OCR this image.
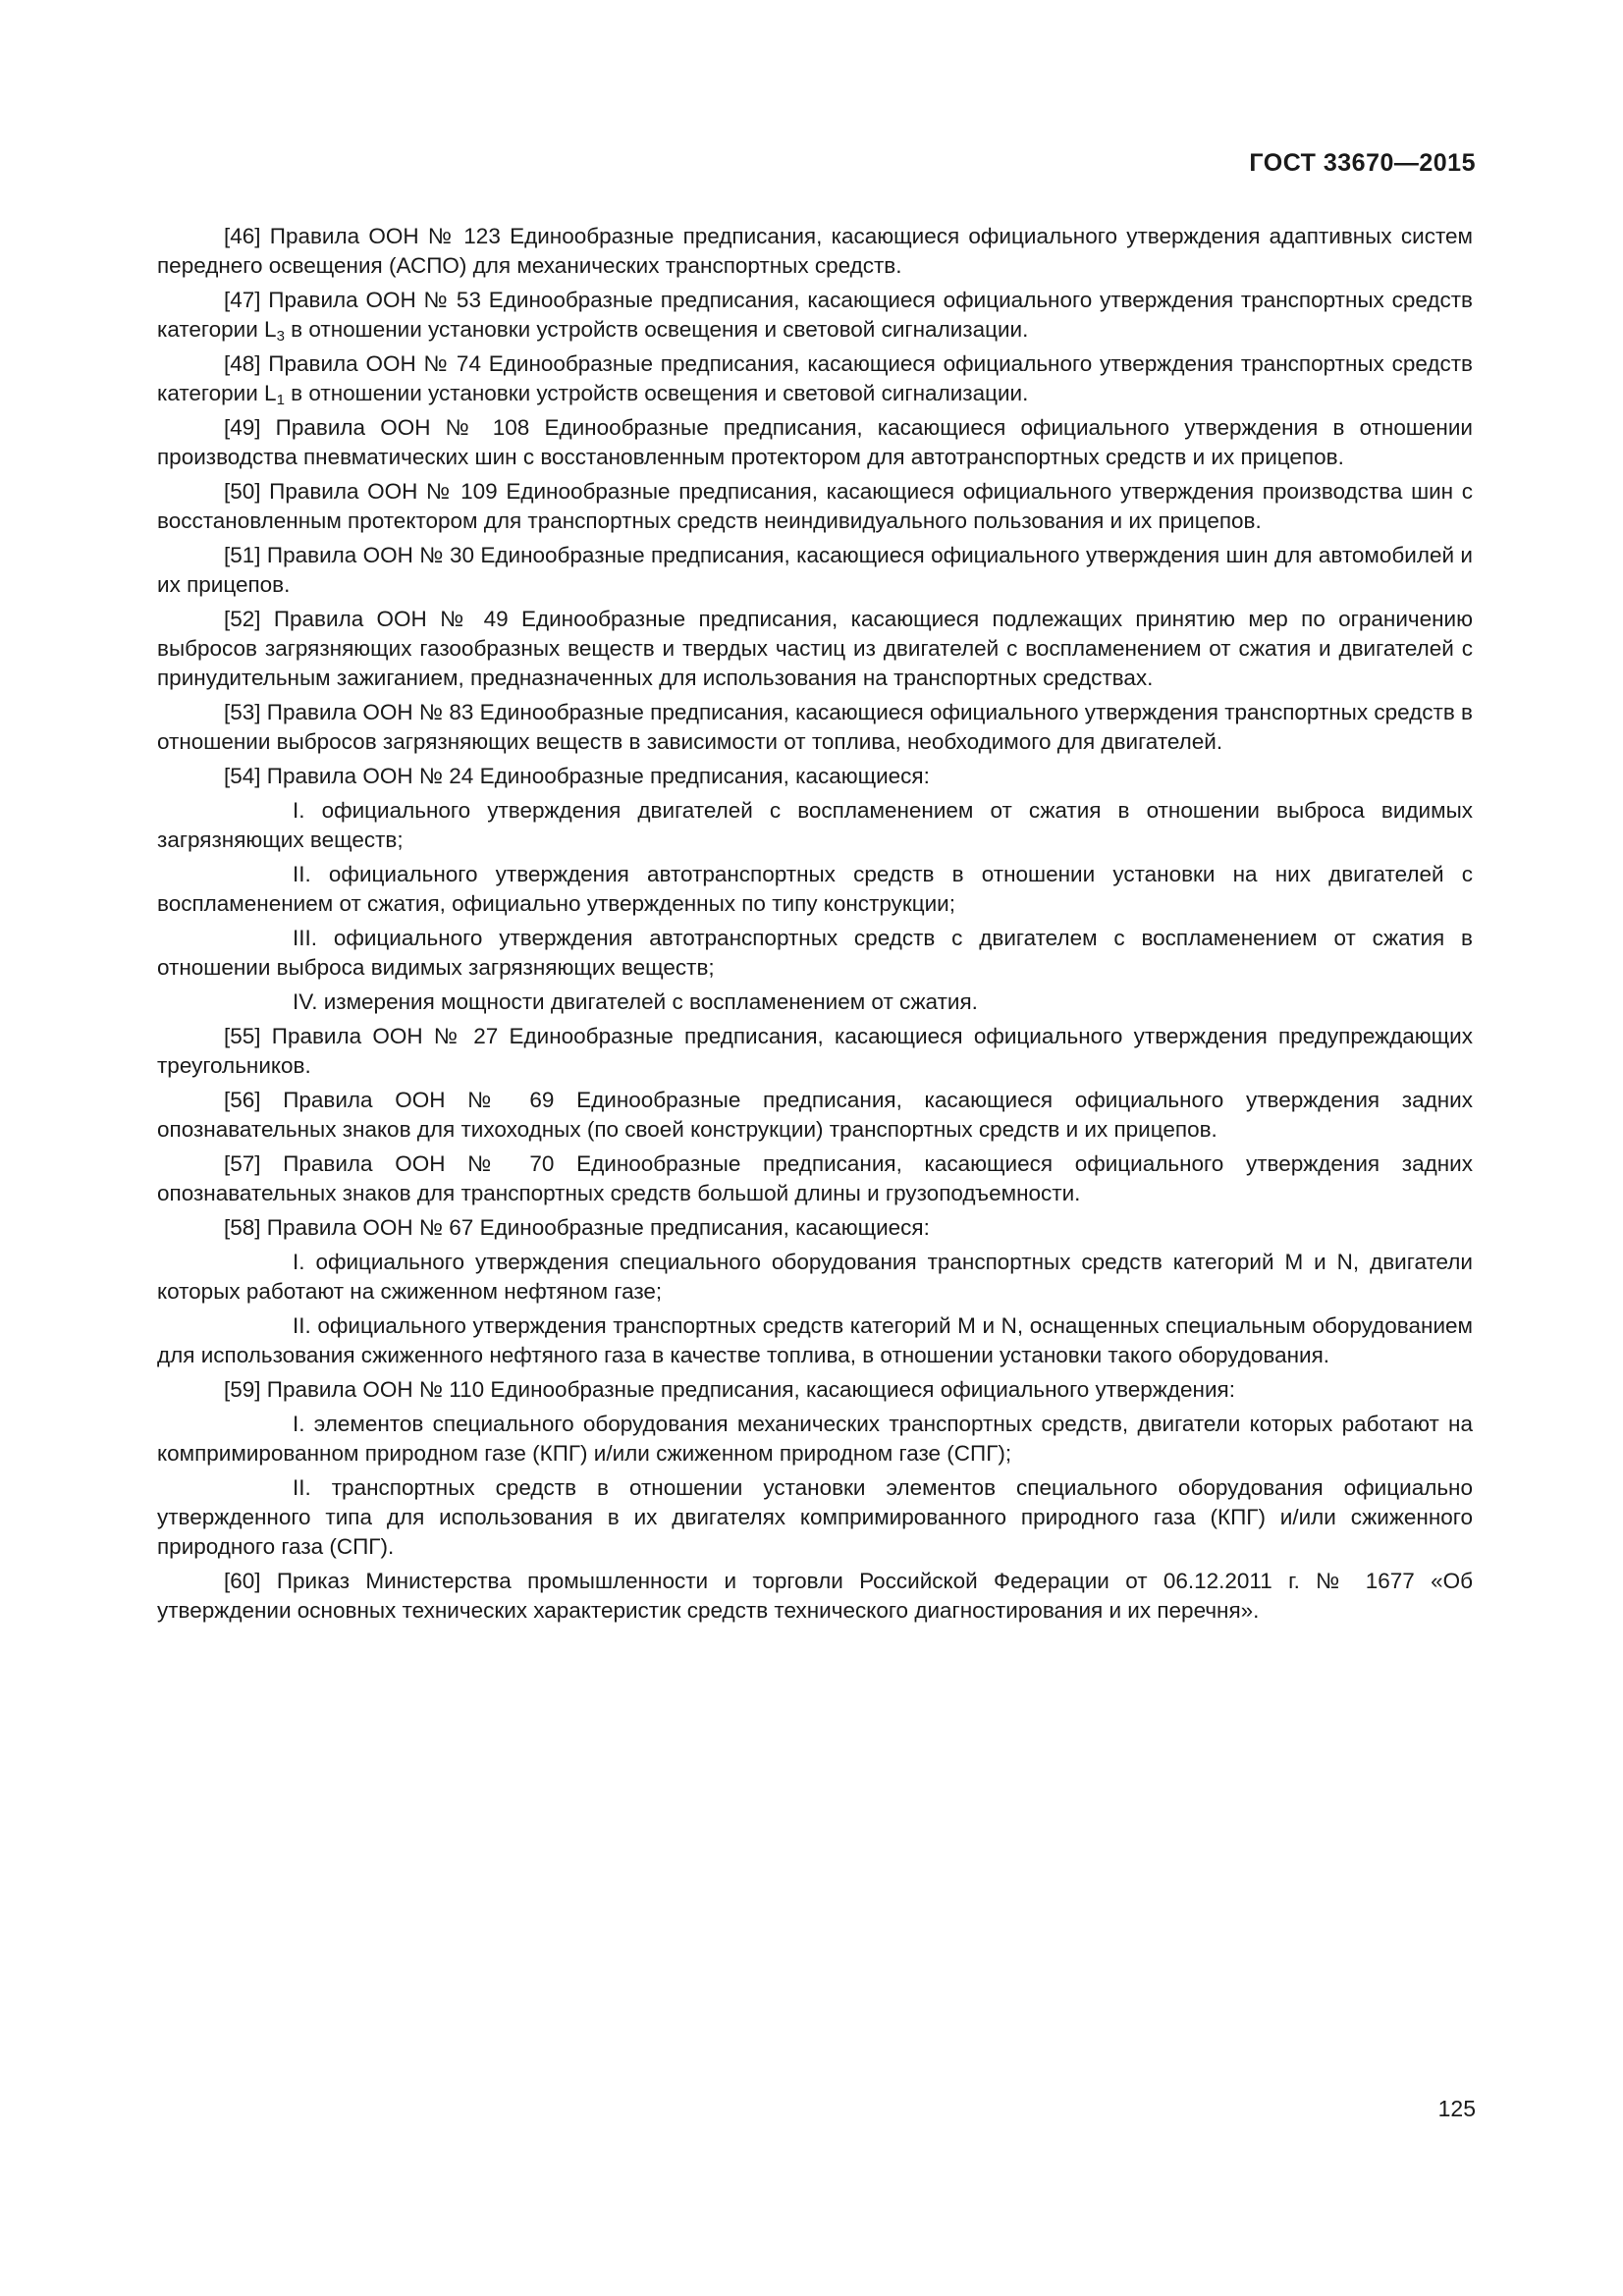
ГОСТ 33670—2015

[46] Правила ООН № 123 Единообразные предписания, касающиеся официального утверждения адаптивных систем переднего освещения (АСПО) для механических транспортных средств.

[47] Правила ООН № 53 Единообразные предписания, касающиеся официального утверждения транспортных средств категории $L_3$ в отношении установки устройств освещения и световой сигнализации.

[48] Правила ООН № 74 Единообразные предписания, касающиеся официального утверждения транспортных средств категории $L_1$ в отношении установки устройств освещения и световой сигнализации.

[49] Правила ООН № 108 Единообразные предписания, касающиеся официального утверждения в отношении производства пневматических шин с восстановленным протектором для автотранспортных средств и их прицепов.

[50] Правила ООН № 109 Единообразные предписания, касающиеся официального утверждения производства шин с восстановленным протектором для транспортных средств неиндивидуального пользования и их прицепов.

[51] Правила ООН № 30 Единообразные предписания, касающиеся официального утверждения шин для автомобилей и их прицепов.

[52] Правила ООН № 49 Единообразные предписания, касающиеся подлежащих принятию мер по ограничению выбросов загрязняющих газообразных веществ и твердых частиц из двигателей с воспламенением от сжатия и двигателей с принудительным зажиганием, предназначенных для использования на транспортных средствах.

[53] Правила ООН № 83 Единообразные предписания, касающиеся официального утверждения транспортных средств в отношении выбросов загрязняющих веществ в зависимости от топлива, необходимого для двигателей.

[54] Правила ООН № 24 Единообразные предписания, касающиеся:

I. официального утверждения двигателей с воспламенением от сжатия в отношении выброса видимых загрязняющих веществ;

II. официального утверждения автотранспортных средств в отношении установки на них двигателей с воспламенением от сжатия, официально утвержденных по типу конструкции;

III. официального утверждения автотранспортных средств с двигателем с воспламенением от сжатия в отношении выброса видимых загрязняющих веществ;

IV. измерения мощности двигателей с воспламенением от сжатия.

[55] Правила ООН № 27 Единообразные предписания, касающиеся официального утверждения предупреждающих треугольников.

[56] Правила ООН № 69 Единообразные предписания, касающиеся официального утверждения задних опознавательных знаков для тихоходных (по своей конструкции) транспортных средств и их прицепов.

[57] Правила ООН № 70 Единообразные предписания, касающиеся официального утверждения задних опознавательных знаков для транспортных средств большой длины и грузоподъемности.

[58] Правила ООН № 67 Единообразные предписания, касающиеся:

I. официального утверждения специального оборудования транспортных средств категорий M и N, двигатели которых работают на сжиженном нефтяном газе;

II. официального утверждения транспортных средств категорий M и N, оснащенных специальным оборудованием для использования сжиженного нефтяного газа в качестве топлива, в отношении установки такого оборудования.

[59] Правила ООН № 110 Единообразные предписания, касающиеся официального утверждения:

I. элементов специального оборудования механических транспортных средств, двигатели которых работают на компримированном природном газе (КПГ) и/или сжиженном природном газе (СПГ);

II. транспортных средств в отношении установки элементов специального оборудования официально утвержденного типа для использования в их двигателях компримированного природного газа (КПГ) и/или сжиженного природного газа (СПГ).

[60] Приказ Министерства промышленности и торговли Российской Федерации от 06.12.2011 г. № 1677 «Об утверждении основных технических характеристик средств технического диагностирования и их перечня».

125
